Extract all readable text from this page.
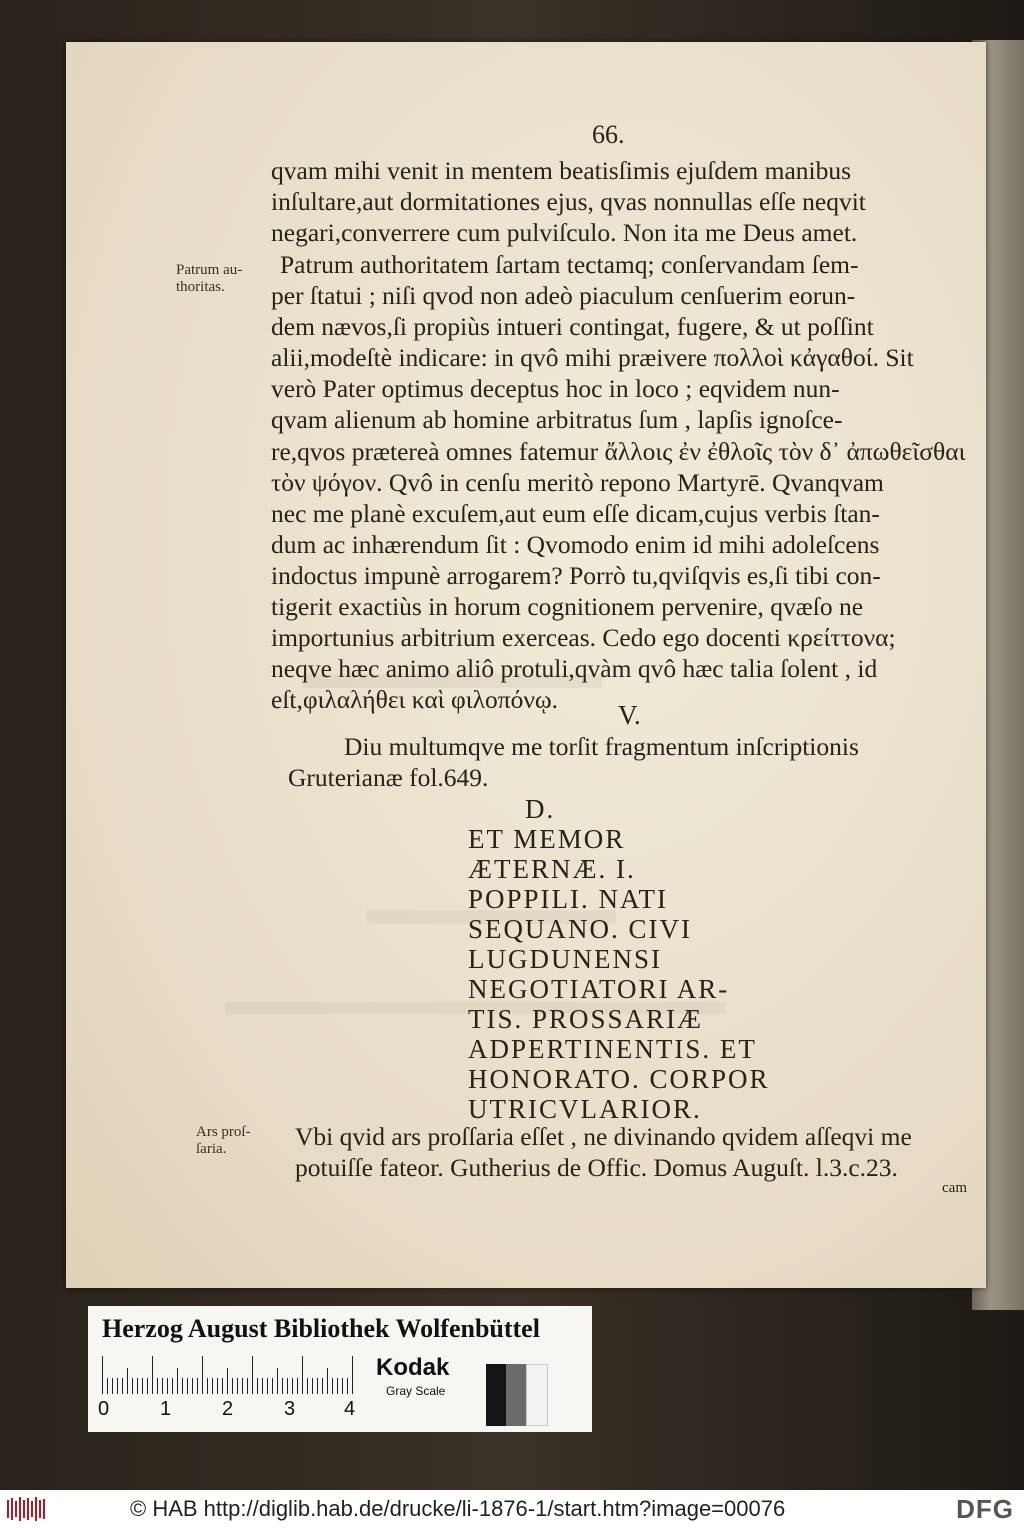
66.
qvam mihi venit in mentem beatisſimis ejuſdem manibus
inſultare,aut dormitationes ejus, qvas nonnullas eſſe neqvit
negari,converrere cum pulviſculo. Non ita me Deus amet.
Patrum authoritatem ſartam tectamq; conſervandam ſem-
per ſtatui ; niſi qvod non adeò piaculum cenſuerim eorun-
dem nævos,ſi propiùs intueri contingat, fugere, & ut poſſint
alii,modeſtè indicare: in qvô mihi præivere πολλοὶ κἀγαθοί. Sit
verò Pater optimus deceptus hoc in loco ; eqvidem nun-
qvam alienum ab homine arbitratus ſum , lapſis ignoſce-
re,qvos prætereà omnes fatemur ἄλλοις ἐν ἐθλοῖς τὸν δ᾽ ἀπωθεῖσθαι
τὸν ψόγον. Qvô in cenſu meritò repono Martyrē. Qvanqvam
nec me planè excuſem,aut eum eſſe dicam,cujus verbis ſtan-
dum ac inhærendum ſit : Qvomodo enim id mihi adoleſcens
indoctus impunè arrogarem? Porrò tu,qviſqvis es,ſi tibi con-
tigerit exactiùs in horum cognitionem pervenire, qvæſo ne
importunius arbitrium exerceas. Cedo ego docenti κρείττονα;
neqve hæc animo aliô protuli,qvàm qvô hæc talia ſolent , id
eſt,φιλαλήθει καὶ φιλοπόνῳ.
Patrum au-
thoritas.
V.
Diu multumqve me torſit fragmentum inſcriptionis
Gruterianæ fol.649.
D.
ET MEMOR
ÆTERNÆ. I.
POPPILI. NATI
SEQUANO. CIVI
LUGDUNENSI
NEGOTIATORI AR-
TIS. PROSSARIÆ
ADPERTINENTIS. ET
HONORATO. CORPOR
UTRICVLARIOR.
Ars proſ-
ſaria.	Vbi qvid ars proſſaria eſſet , ne divinando qvidem aſſeqvi me
potuiſſe fateor. Gutherius de Offic. Domus Auguſt. l.3.c.23.
cam
Herzog August Bibliothek Wolfenbüttel
0	1	2	3 4
Kodak
Gray Scale
© HAB http://diglib.hab.de/drucke/li-1876-1/start.htm?image=00076	DFG
